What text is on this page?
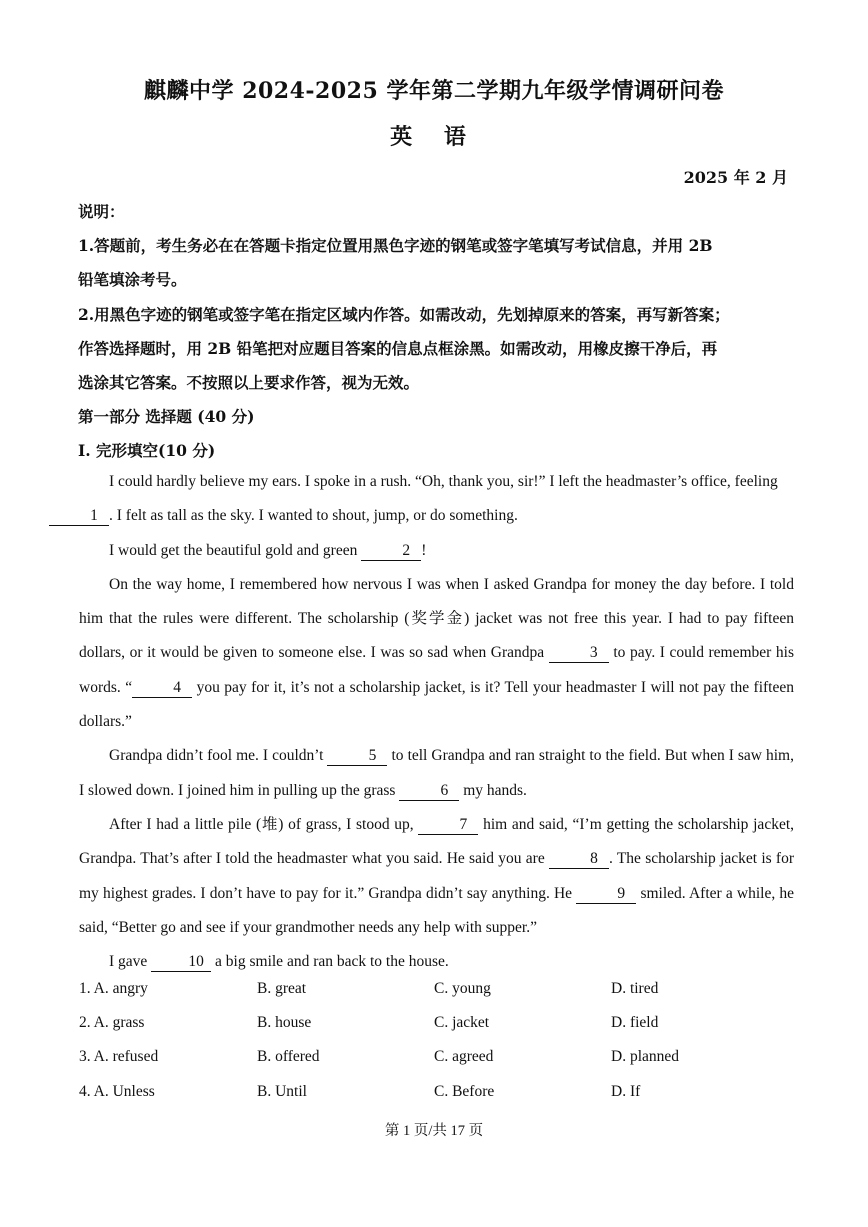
麒麟中学 2024-2025 学年第二学期九年级学情调研问卷
英 语
2025 年 2 月
说明：
1.答题前，考生务必在在答题卡指定位置用黑色字迹的钢笔或签字笔填写考试信息，并用 2B
铅笔填涂考号。
2.用黑色字迹的钢笔或签字笔在指定区域内作答。如需改动，先划掉原来的答案，再写新答案；
作答选择题时，用 2B 铅笔把对应题目答案的信息点框涂黑。如需改动，用橡皮擦干净后，再
选涂其它答案。不按照以上要求作答，视为无效。
第一部分 选择题 (40 分)
I. 完形填空(10 分)

I could hardly believe my ears. I spoke in a rush. “Oh, thank you, sir!” I left the headmaster’s office, feeling
1 . I felt as tall as the sky. I wanted to shout, jump, or do something.

I would get the beautiful gold and green	2 !

On the way home, I remembered how nervous I was when I asked Grandpa for money the day before. I told him that the rules were different. The scholarship (奖学金) jacket was not free this year. I had to pay fifteen dollars, or it would be given to someone else. I was so sad when Grandpa	3 to pay. I could remember his words. “	4 you pay for it, it’s not a scholarship jacket, is it? Tell your headmaster I will not pay the fifteen dollars.”

Grandpa didn’t fool me. I couldn’t	5 to tell Grandpa and ran straight to the field. But when I saw him, I slowed down. I joined him in pulling up the grass	6 my hands.

After I had a little pile (堆) of grass, I stood up,	7 him and said, “I’m getting the scholarship jacket, Grandpa. That’s after I told the headmaster what you said. He said you are	8 . The scholarship jacket is for my highest grades. I don’t have to pay for it.” Grandpa didn’t say anything. He	9 smiled. After a while, he said, “Better go and see if your grandmother needs any help with supper.”

I gave	10 a big smile and ran back to the house.

1. A. angry	B. great	C. young	D. tired
2. A. grass	B. house	C. jacket	D. field
3. A. refused	B. offered	C. agreed	D. planned
4. A. Unless	B. Until	C. Before	D. If
第 1 页/共 17 页
